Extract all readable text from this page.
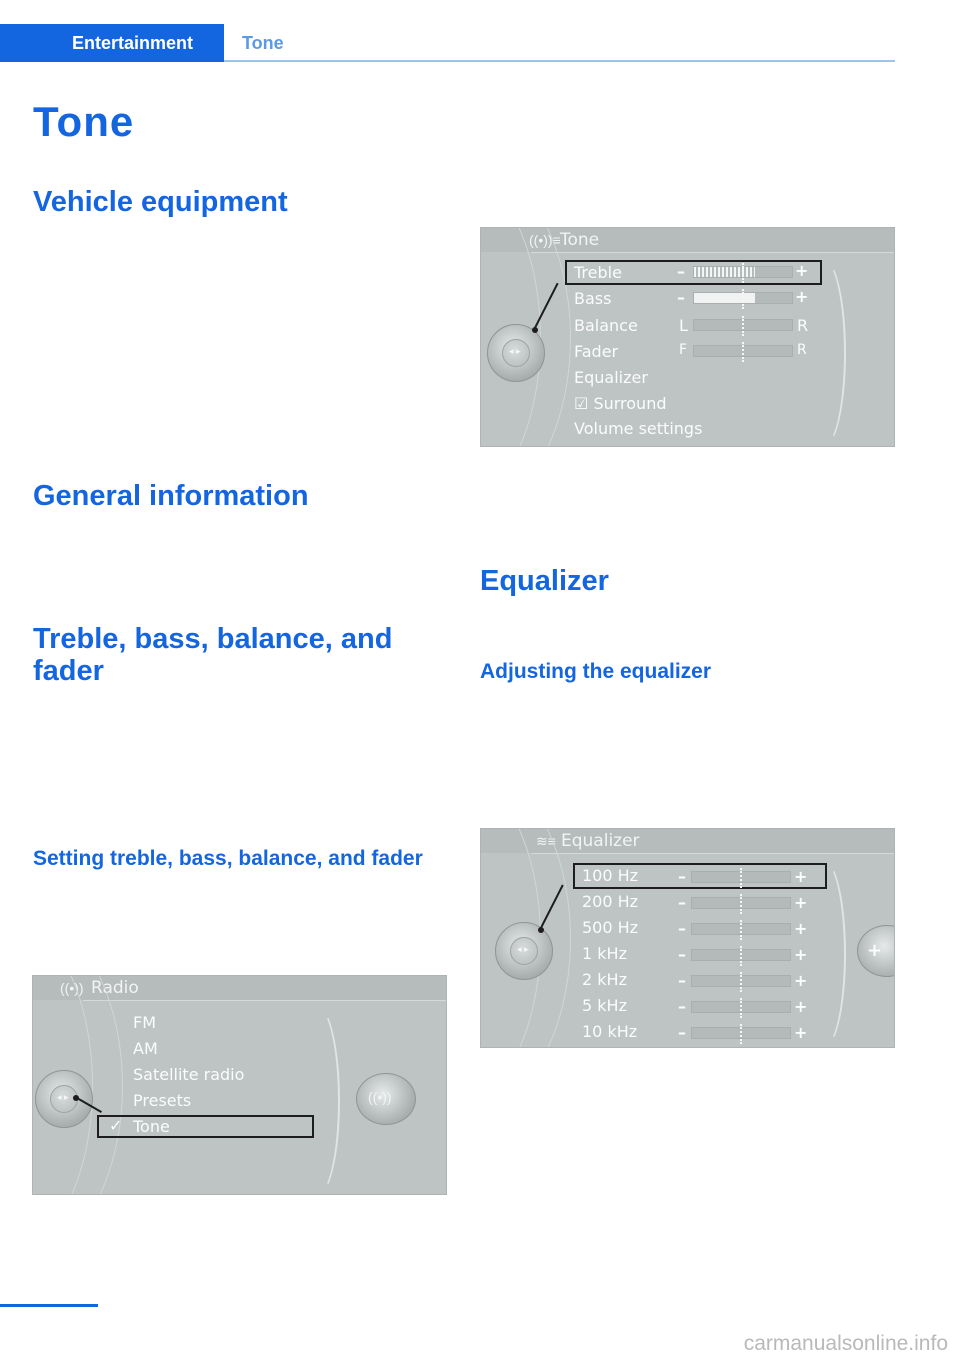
Entertainment	Tone
Tone
Vehicle equipment
General information
Treble, bass, balance, and fader
Setting treble, bass, balance, and fader
Equalizer
Adjusting the equalizer
((•))≡ Tone
◂ ▸
Treble	–	+
Bass	–	+
Balance	L	R
Fader	F	R
Equalizer
☑ Surround
Volume settings
≋≡ Equalizer
◂ ▸	+
100 Hz –	+
200 Hz –	+
500 Hz –	+
1 kHz	–	+
2 kHz	–	+
5 kHz	–	+
10 kHz	–	+
((•)) Radio
◂ ▸	((•))
FM
AM
Satellite radio
Presets
✓ Tone
carmanualsonline.info
